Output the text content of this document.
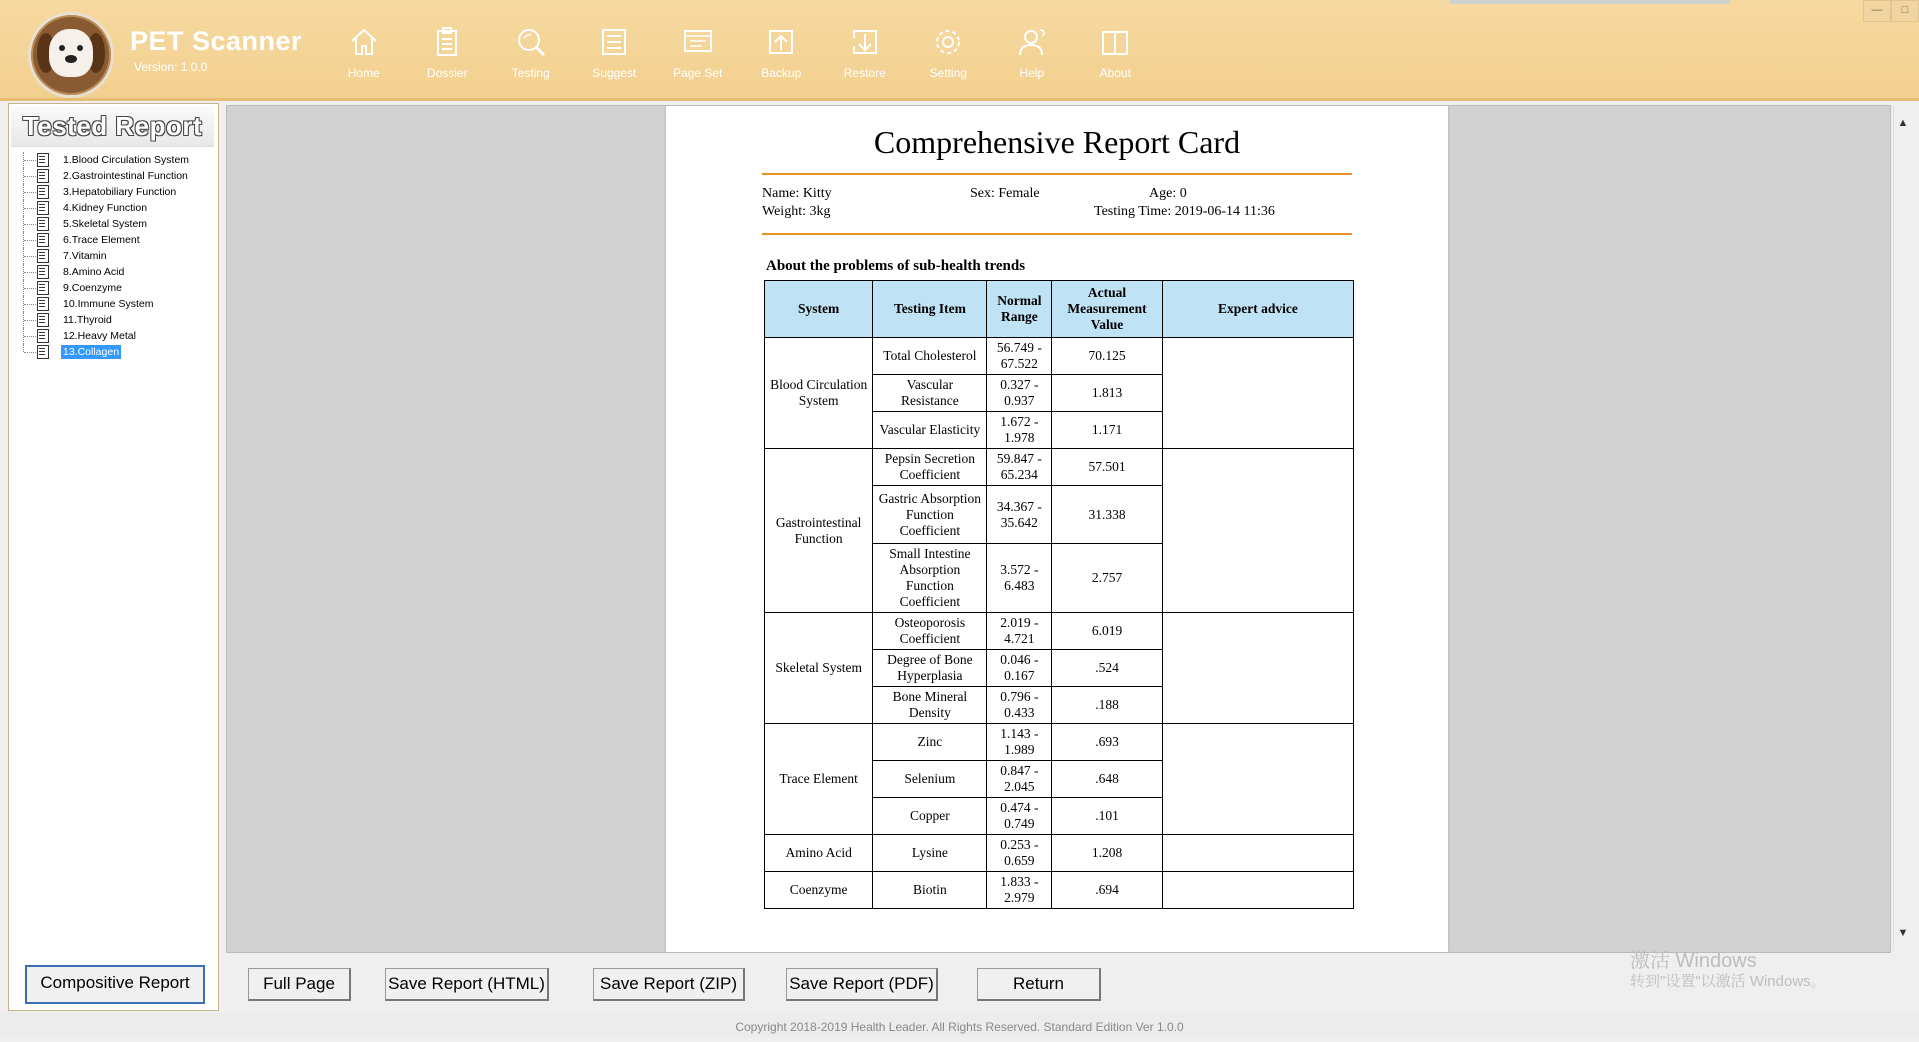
PET Scanner
Version: 1.0.0	Home	Dossier	Testing	Suggest	Page Set	Backup	Restore	Setting	Help	About
—	□
Tested Report
1.Blood Circulation System
2.Gastrointestinal Function
3.Hepatobiliary Function
4.Kidney Function
5.Skeletal System
6.Trace Element
7.Vitamin
8.Amino Acid
9.Coenzyme
10.Immune System
11.Thyroid
12.Heavy Metal
13.Collagen
Compositive Report
Comprehensive Report Card
Name: Kitty	Sex: Female	Age: 0
Weight: 3kg	Testing Time: 2019-06-14 11:36
About the problems of sub-health trends
System	Testing Item	Normal Range	Actual Measurement Value	Expert advice
Blood Circulation System	Total Cholesterol	56.749 - 67.522	70.125	
	Vascular Resistance	0.327 - 0.937	1.813	
	Vascular Elasticity	1.672 - 1.978	1.171	
Gastrointestinal Function	Pepsin Secretion Coefficient	59.847 - 65.234	57.501	
	Gastric Absorption Function Coefficient	34.367 - 35.642	31.338	
	Small Intestine Absorption Function Coefficient	3.572 - 6.483	2.757	
Skeletal System	Osteoporosis Coefficient	2.019 - 4.721	6.019	
	Degree of Bone Hyperplasia	0.046 - 0.167	.524	
	Bone Mineral Density	0.796 - 0.433	.188	
Trace Element	Zinc	1.143 - 1.989	.693	
	Selenium	0.847 - 2.045	.648	
	Copper	0.474 - 0.749	.101	
Amino Acid	Lysine	0.253 - 0.659	1.208	
Coenzyme	Biotin	1.833 - 2.979	.694	
▲
▼
Full Page	Save Report (HTML)	Save Report (ZIP)	Save Report (PDF)	Return
激活 Windows
转到"设置"以激活 Windows。
Copyright 2018-2019 Health Leader. All Rights Reserved. Standard Edition Ver 1.0.0
